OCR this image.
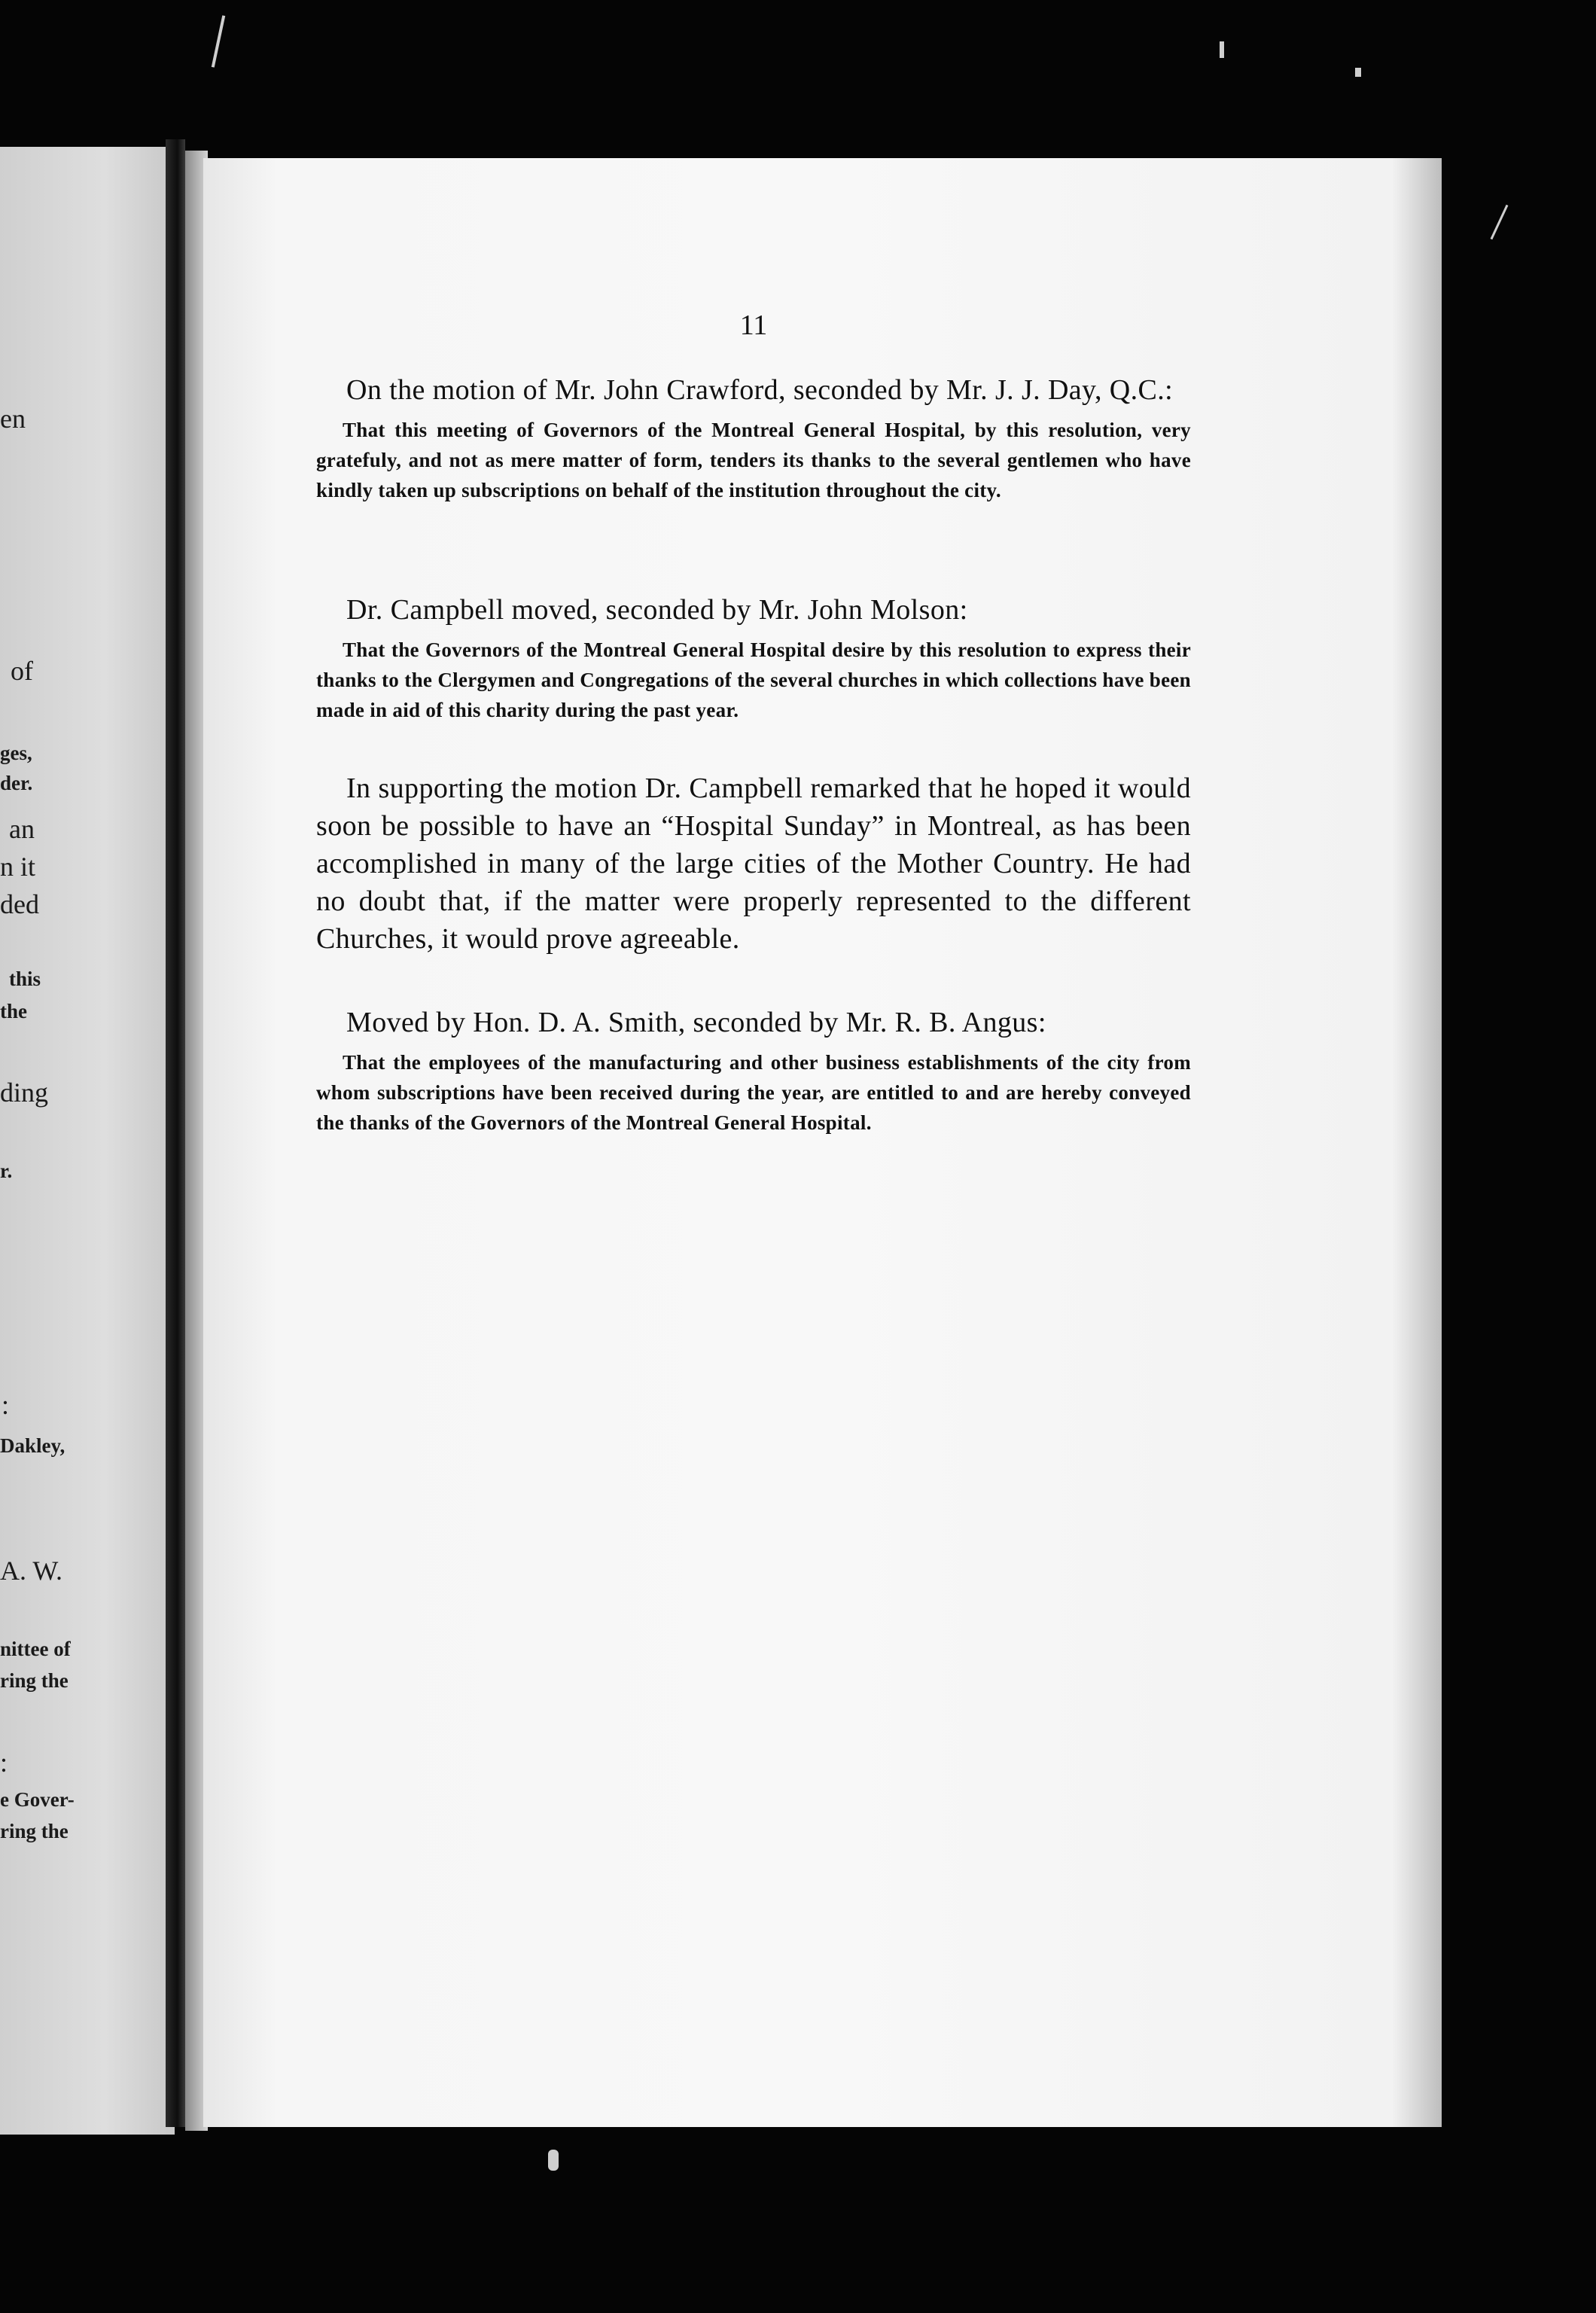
en
of
ges,
der.
an
n it
ded
this
the
ding
r.
:
Dakley,
A. W.
nittee of
ring the
:
e Gover-
ring the
11

On the motion of Mr. John Crawford, seconded by Mr. J. J. Day, Q.C.:

That this meeting of Governors of the Montreal General Hospital, by this resolution, very gratefuly, and not as mere matter of form, tenders its thanks to the several gentlemen who have kindly taken up subscriptions on behalf of the institution throughout the city.

Dr. Campbell moved, seconded by Mr. John Molson:

That the Governors of the Montreal General Hospital desire by this resolution to express their thanks to the Clergymen and Congregations of the several churches in which collections have been made in aid of this charity during the past year.

In supporting the motion Dr. Campbell remarked that he hoped it would soon be possible to have an “Hospital Sunday” in Montreal, as has been accomplished in many of the large cities of the Mother Country. He had no doubt that, if the matter were properly represented to the different Churches, it would prove agreeable.

Moved by Hon. D. A. Smith, seconded by Mr. R. B. Angus:

That the employees of the manufacturing and other business establishments of the city from whom subscriptions have been received during the year, are entitled to and are hereby conveyed the thanks of the Governors of the Montreal General Hospital.
